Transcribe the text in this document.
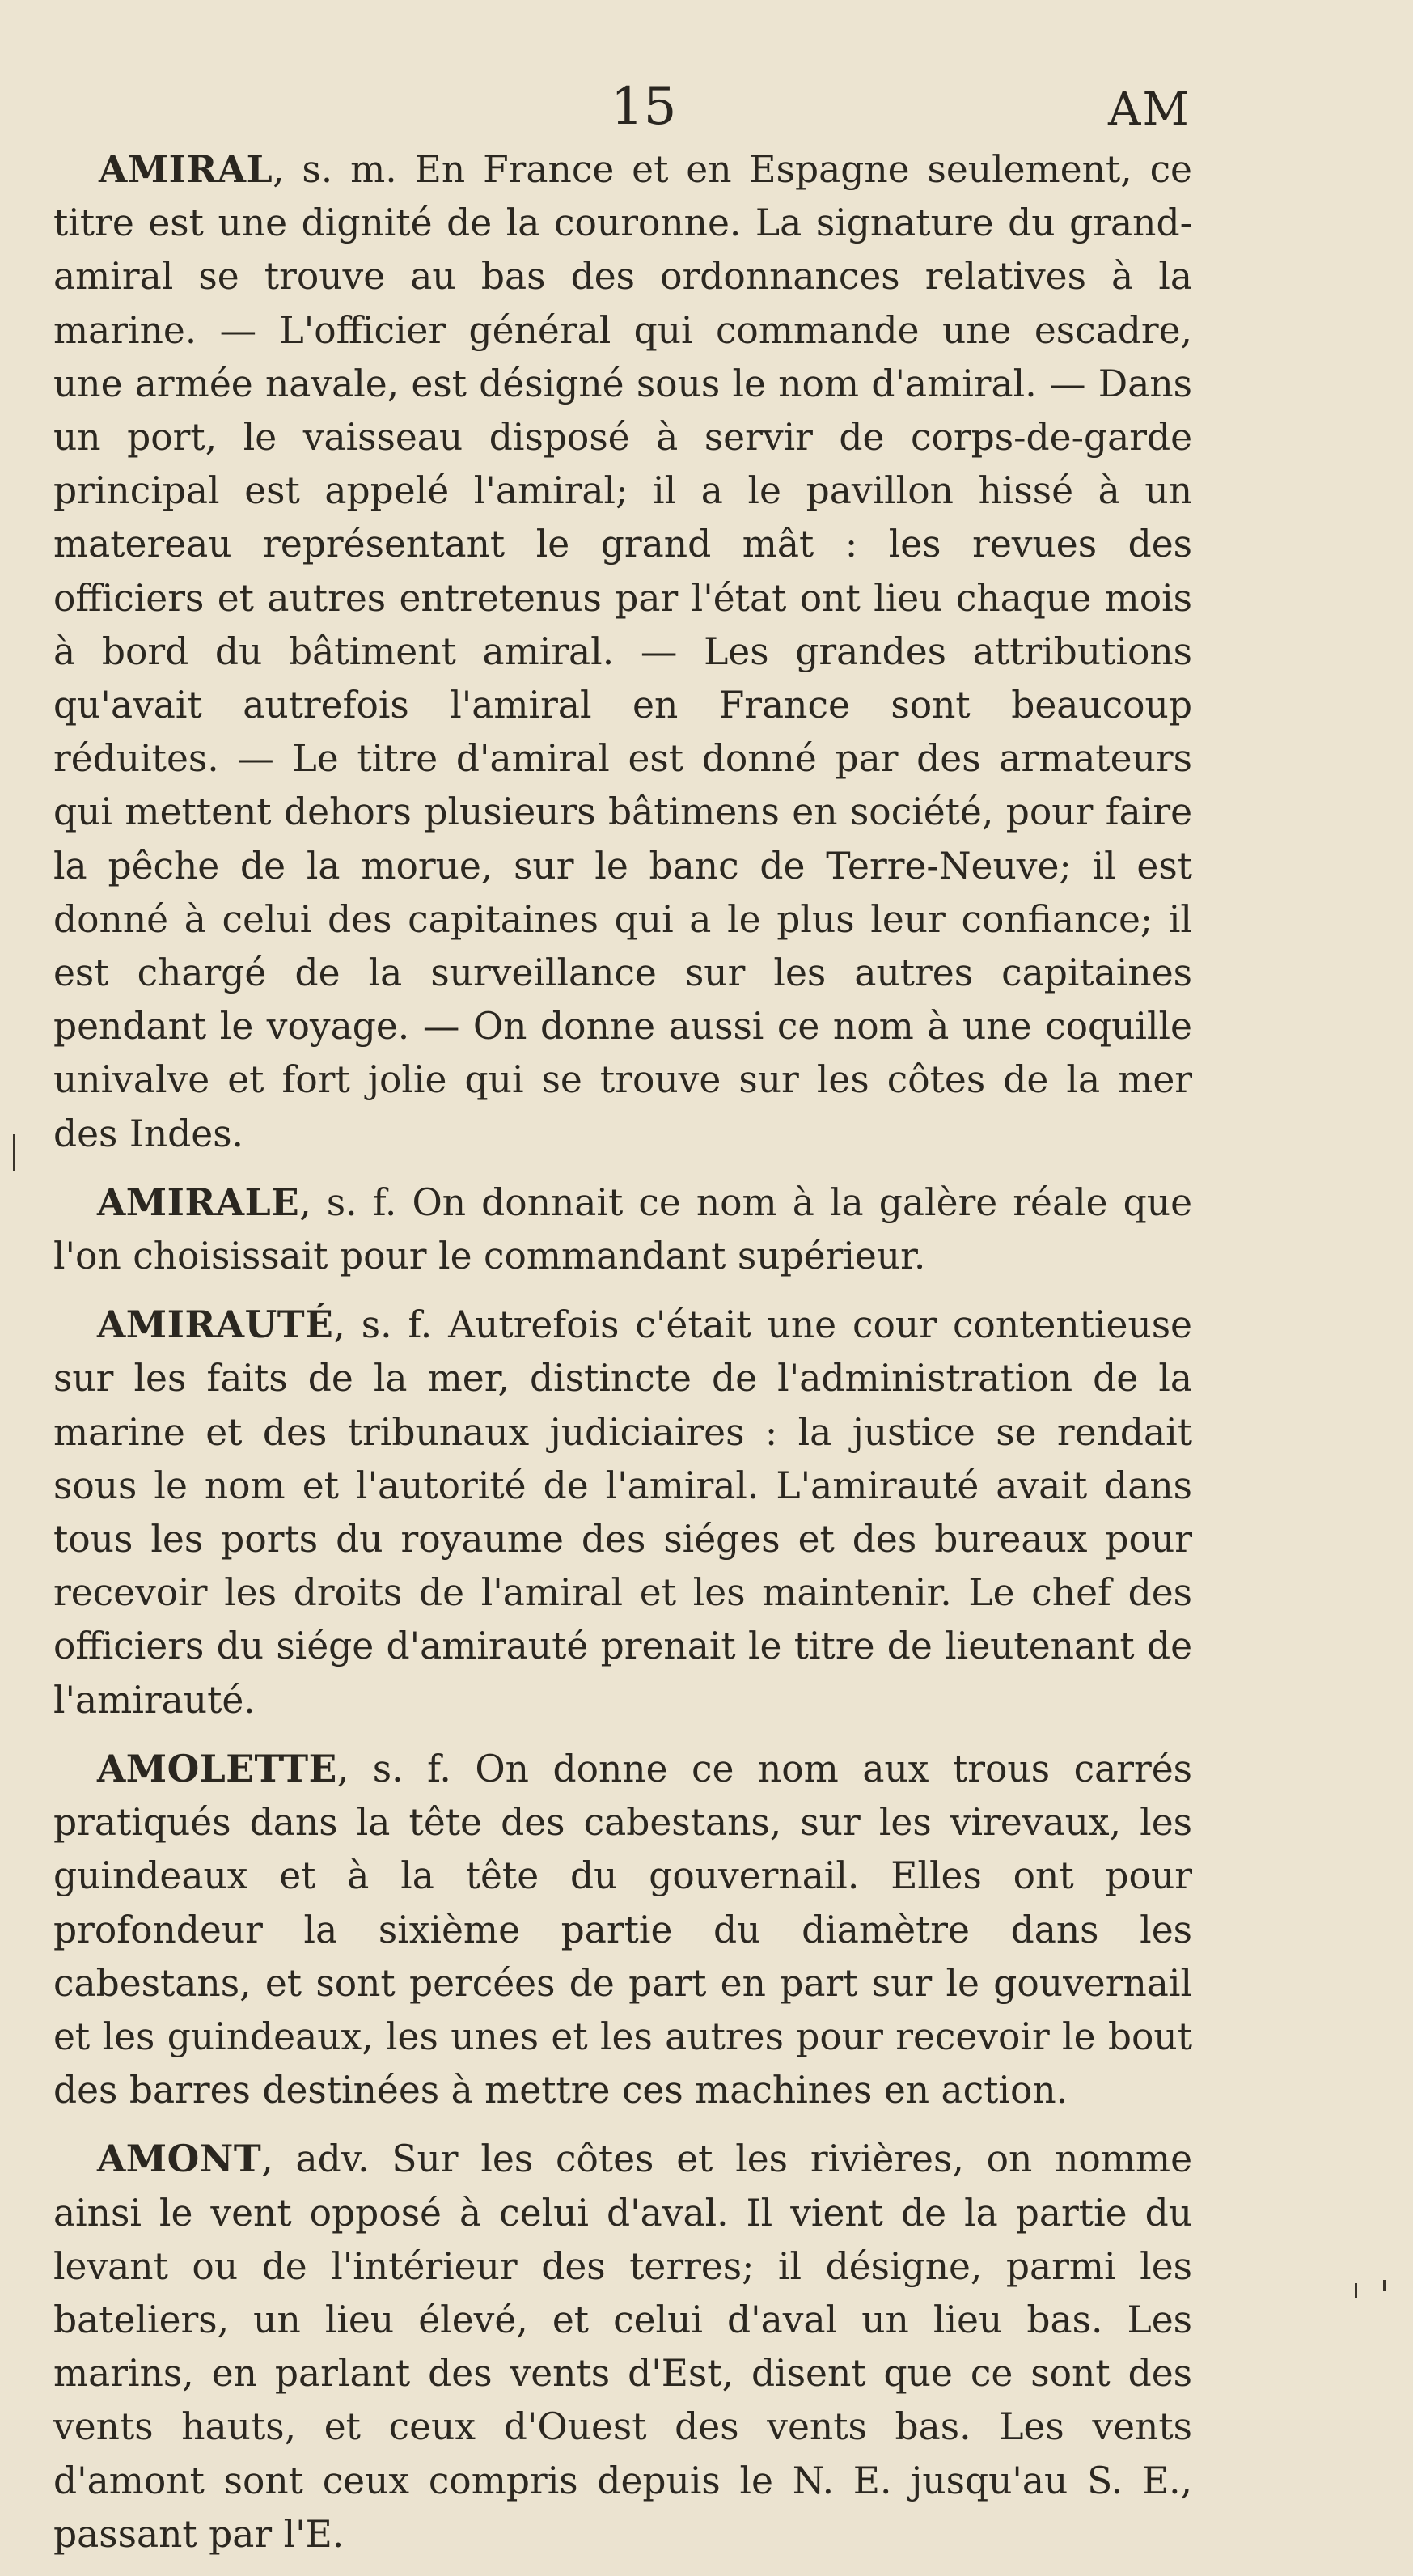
15	AM

AMIRAL, s. m. En France et en Espagne seulement, ce titre est une dignité de la couronne. La signature du grand-amiral se trouve au bas des ordonnances relatives à la marine. — L'officier général qui commande une escadre, une armée navale, est désigné sous le nom d'amiral. — Dans un port, le vaisseau disposé à servir de corps-de-garde principal est appelé l'amiral; il a le pavillon hissé à un matereau représentant le grand mât : les revues des officiers et autres entretenus par l'état ont lieu chaque mois à bord du bâtiment amiral. — Les grandes attributions qu'avait autrefois l'amiral en France sont beaucoup réduites. — Le titre d'amiral est donné par des armateurs qui mettent dehors plusieurs bâtimens en société, pour faire la pêche de la morue, sur le banc de Terre-Neuve; il est donné à celui des capitaines qui a le plus leur confiance; il est chargé de la surveillance sur les autres capitaines pendant le voyage. — On donne aussi ce nom à une coquille univalve et fort jolie qui se trouve sur les côtes de la mer des Indes.

AMIRALE, s. f. On donnait ce nom à la galère réale que l'on choisissait pour le commandant supérieur.

AMIRAUTÉ, s. f. Autrefois c'était une cour contentieuse sur les faits de la mer, distincte de l'administration de la marine et des tribunaux judiciaires : la justice se rendait sous le nom et l'autorité de l'amiral. L'amirauté avait dans tous les ports du royaume des siéges et des bureaux pour recevoir les droits de l'amiral et les maintenir. Le chef des officiers du siége d'amirauté prenait le titre de lieutenant de l'amirauté.

AMOLETTE, s. f. On donne ce nom aux trous carrés pratiqués dans la tête des cabestans, sur les virevaux, les guindeaux et à la tête du gouvernail. Elles ont pour profondeur la sixième partie du diamètre dans les cabestans, et sont percées de part en part sur le gouvernail et les guindeaux, les unes et les autres pour recevoir le bout des barres destinées à mettre ces machines en action.

AMONT, adv. Sur les côtes et les rivières, on nomme ainsi le vent opposé à celui d'aval. Il vient de la partie du levant ou de l'intérieur des terres; il désigne, parmi les bateliers, un lieu élevé, et celui d'aval un lieu bas. Les marins, en parlant des vents d'Est, disent que ce sont des vents hauts, et ceux d'Ouest des vents bas. Les vents d'amont sont ceux compris depuis le N. E. jusqu'au S. E., passant par l'E.
